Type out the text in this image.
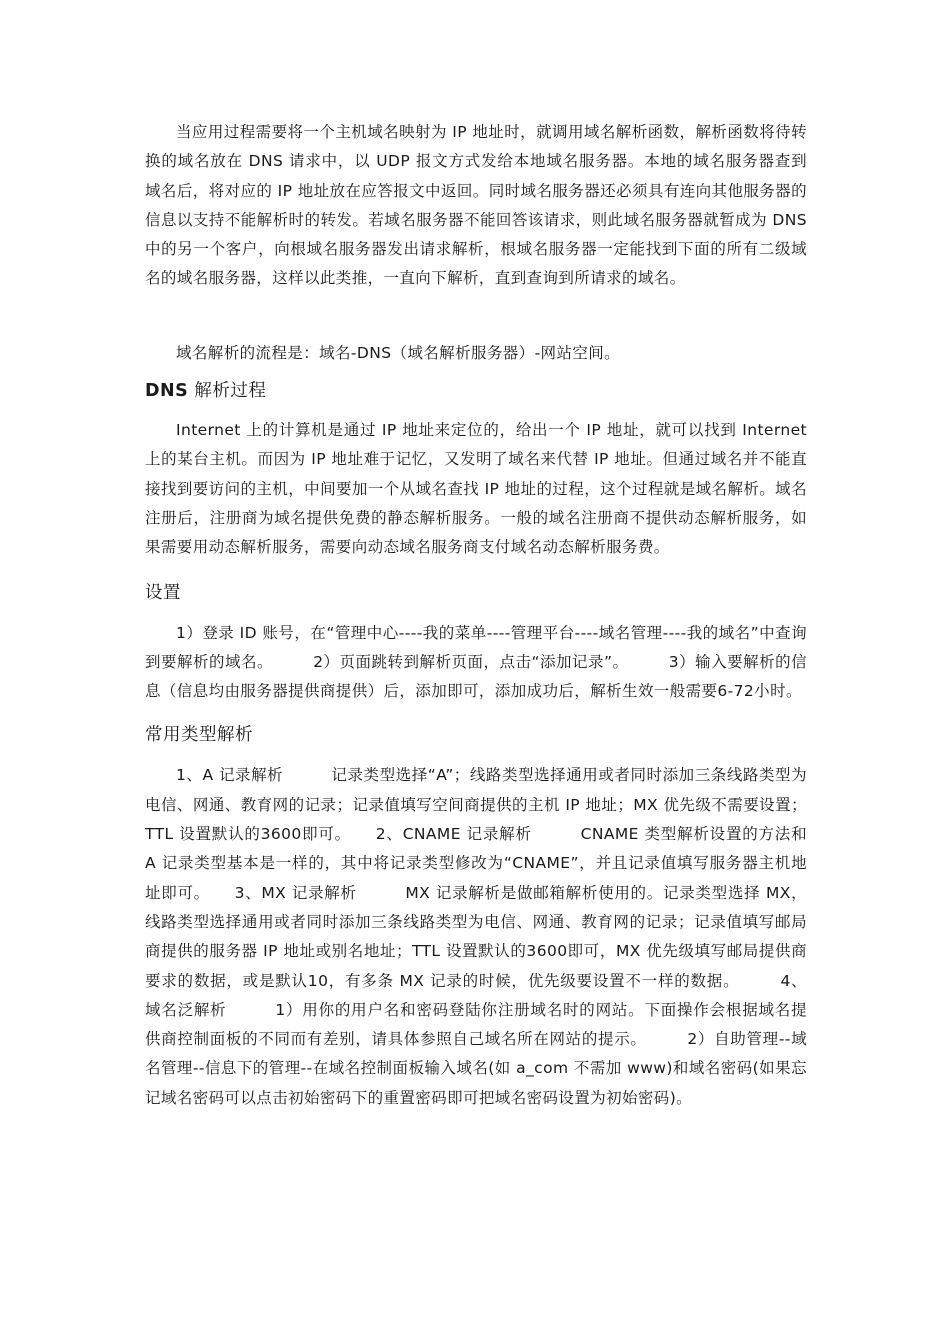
当应用过程需要将一个主机域名映射为 IP 地址时，就调用域名解析函数，解析函数将待转换的域名放在 DNS 请求中，以 UDP 报文方式发给本地域名服务器。本地的域名服务器查到域名后，将对应的 IP 地址放在应答报文中返回。同时域名服务器还必须具有连向其他服务器的信息以支持不能解析时的转发。若域名服务器不能回答该请求，则此域名服务器就暂成为 DNS 中的另一个客户，向根域名服务器发出请求解析，根域名服务器一定能找到下面的所有二级域名的域名服务器，这样以此类推，一直向下解析，直到查询到所请求的域名。

域名解析的流程是：域名-DNS（域名解析服务器）-网站空间。

DNS 解析过程

Internet 上的计算机是通过 IP 地址来定位的，给出一个 IP 地址，就可以找到 Internet 上的某台主机。而因为 IP 地址难于记忆，又发明了域名来代替 IP 地址。但通过域名并不能直接找到要访问的主机，中间要加一个从域名查找 IP 地址的过程，这个过程就是域名解析。域名注册后，注册商为域名提供免费的静态解析服务。一般的域名注册商不提供动态解析服务，如果需要用动态解析服务，需要向动态域名服务商支付域名动态解析服务费。

设置

1）登录 ID 账号，在“管理中心----我的菜单----管理平台----域名管理----我的域名”中查询到要解析的域名。　　　2）页面跳转到解析页面，点击“添加记录”。　　　3）输入要解析的信息（信息均由服务器提供商提供）后，添加即可，添加成功后，解析生效一般需要6-72小时。

常用类型解析

1、A 记录解析　　　记录类型选择“A”；线路类型选择通用或者同时添加三条线路类型为电信、网通、教育网的记录；记录值填写空间商提供的主机 IP 地址；MX 优先级不需要设置；TTL 设置默认的3600即可。　　2、CNAME 记录解析　　　CNAME 类型解析设置的方法和 A 记录类型基本是一样的，其中将记录类型修改为“CNAME”，并且记录值填写服务器主机地址即可。　　3、MX 记录解析　　　MX 记录解析是做邮箱解析使用的。记录类型选择 MX，线路类型选择通用或者同时添加三条线路类型为电信、网通、教育网的记录；记录值填写邮局商提供的服务器 IP 地址或别名地址；TTL 设置默认的3600即可，MX 优先级填写邮局提供商要求的数据，或是默认10，有多条 MX 记录的时候，优先级要设置不一样的数据。　　　4、域名泛解析　　　1）用你的用户名和密码登陆你注册域名时的网站。下面操作会根据域名提供商控制面板的不同而有差别，请具体参照自己域名所在网站的提示。　　　2）自助管理--域名管理--信息下的管理--在域名控制面板输入域名(如 a_com 不需加 www)和域名密码(如果忘记域名密码可以点击初始密码下的重置密码即可把域名密码设置为初始密码)。
